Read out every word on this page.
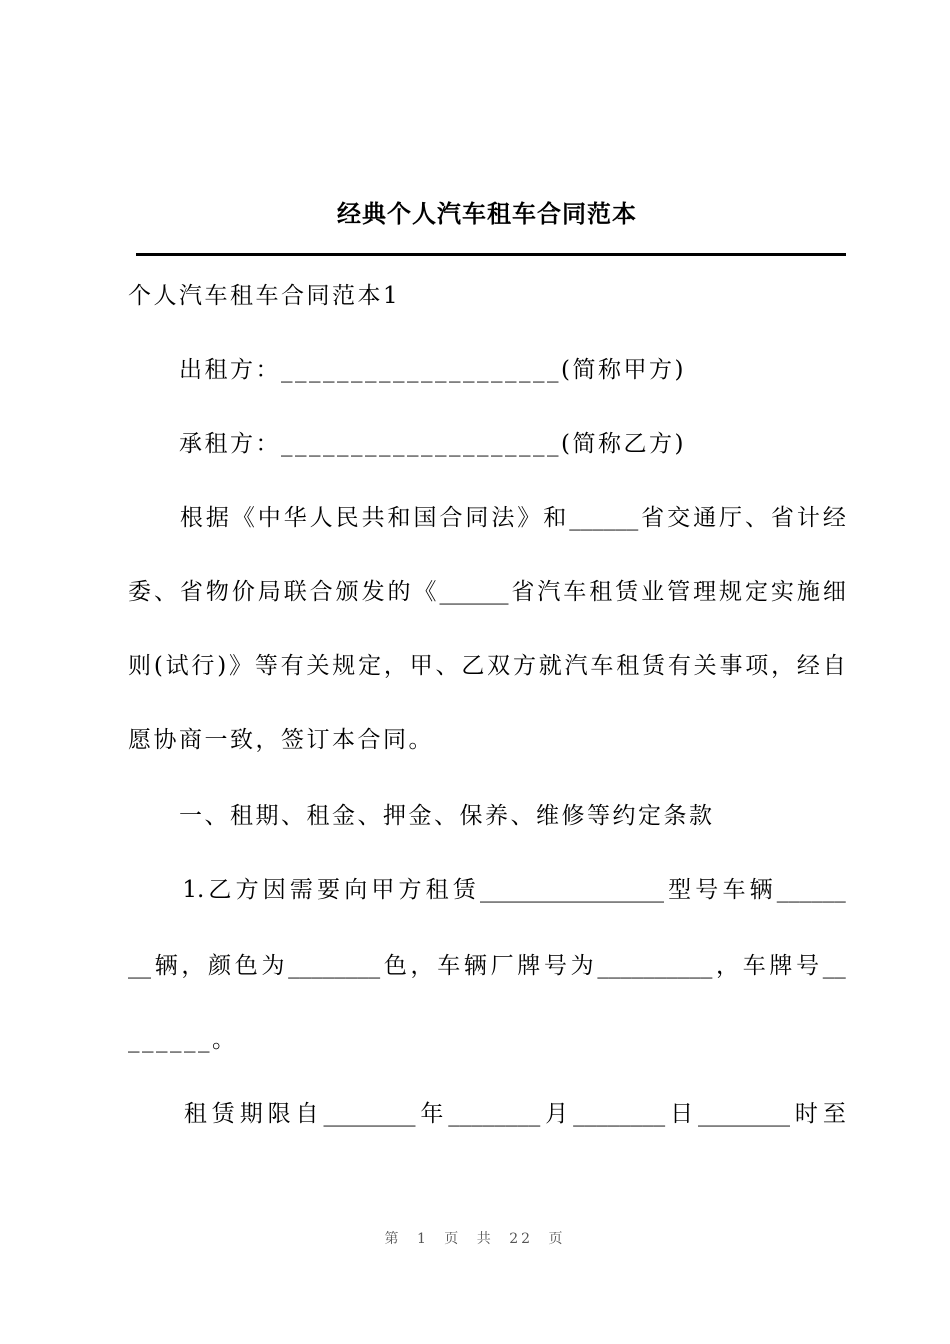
经典个人汽车租车合同范本
个人汽车租车合同范本1
　　出租方：____________________(简称甲方)
　　承租方：____________________(简称乙方)

根 据 《 中 华 人 民 共 和 国 合 同 法 》 和 ______ 省 交 通 厅 、 省 计 经
委 、 省 物 价 局 联 合 颁 发 的 《 ______ 省 汽 车 租 赁 业 管 理 规 定 实 施 细
则 ( 试 行 ) 》 等 有 关 规 定 ， 甲 、 乙 双 方 就 汽 车 租 赁 有 关 事 项 ， 经 自
愿协商一致，签订本合同。
　　一、租期、租金、押金、保养、维修等约定条款

1. 乙 方 因 需 要 向 甲 方 租 赁 ________________ 型 号 车 辆 ______
__ 辆 ， 颜 色 为 ________ 色 ， 车 辆 厂 牌 号 为 __________ ， 车 牌 号 __
______。

租 赁 期 限 自 ________ 年 ________ 月 ________ 日 ________ 时 至
第 1 页 共 22 页
